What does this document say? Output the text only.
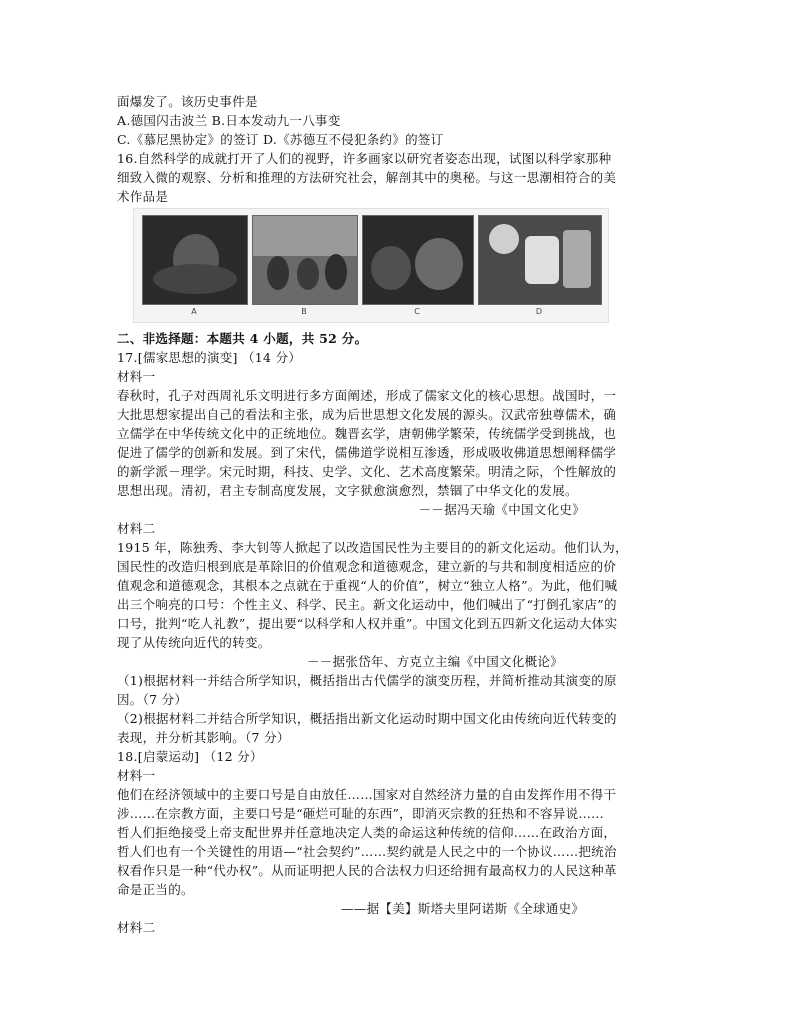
面爆发了。该历史事件是

A.德国闪击波兰 B.日本发动九一八事变

C.《慕尼黑协定》的签订 D.《苏德互不侵犯条约》的签订

16.自然科学的成就打开了人们的视野，许多画家以研究者姿态出现，试图以科学家那种

细致入微的观察、分析和推理的方法研究社会，解剖其中的奥秘。与这一思潮相符合的美

术作品是

A	B	C	D

二、非选择题：本题共 4 小题，共 52 分。

17.[儒家思想的演变] （14 分）

材料一

春秋时，孔子对西周礼乐文明进行多方面阐述，形成了儒家文化的核心思想。战国时，一

大批思想家提出自己的看法和主张，成为后世思想文化发展的源头。汉武帝独尊儒术，确

立儒学在中华传统文化中的正统地位。魏晋玄学，唐朝佛学繁荣，传统儒学受到挑战，也

促进了儒学的创新和发展。到了宋代，儒佛道学说相互渗透，形成吸收佛道思想阐释儒学

的新学派－理学。宋元时期，科技、史学、文化、艺术高度繁荣。明清之际，个性解放的

思想出现。清初，君主专制高度发展，文字狱愈演愈烈，禁锢了中华文化的发展。

－－据冯天瑜《中国文化史》

材料二

1915 年，陈独秀、李大钊等人掀起了以改造国民性为主要目的的新文化运动。他们认为，

国民性的改造归根到底是革除旧的价值观念和道德观念，建立新的与共和制度相适应的价

值观念和道德观念，其根本之点就在于重视“人的价值”，树立“独立人格”。为此，他们喊

出三个响亮的口号：个性主义、科学、民主。新文化运动中，他们喊出了“打倒孔家店”的

口号，批判“吃人礼教”，提出要“以科学和人权并重”。中国文化到五四新文化运动大体实

现了从传统向近代的转变。

－－据张岱年、方克立主编《中国文化概论》

（1)根据材料一并结合所学知识，概括指出古代儒学的演变历程，并简析推动其演变的原

因。（7 分）

（2)根据材料二并结合所学知识，概括指出新文化运动时期中国文化由传统向近代转变的

表现，并分析其影响。（7 分）

18.[启蒙运动] （12 分）

材料一

他们在经济领域中的主要口号是自由放任……国家对自然经济力量的自由发挥作用不得干

涉……在宗教方面，主要口号是“砸烂可耻的东西”，即消灭宗教的狂热和不容异说……

哲人们拒绝接受上帝支配世界并任意地决定人类的命运这种传统的信仰……在政治方面，

哲人们也有一个关键性的用语—“社会契约”……契约就是人民之中的一个协议……把统治

权看作只是一种“代办权”。从而证明把人民的合法权力归还给拥有最高权力的人民这种革

命是正当的。

——据【美】斯塔夫里阿诺斯《全球通史》

材料二
